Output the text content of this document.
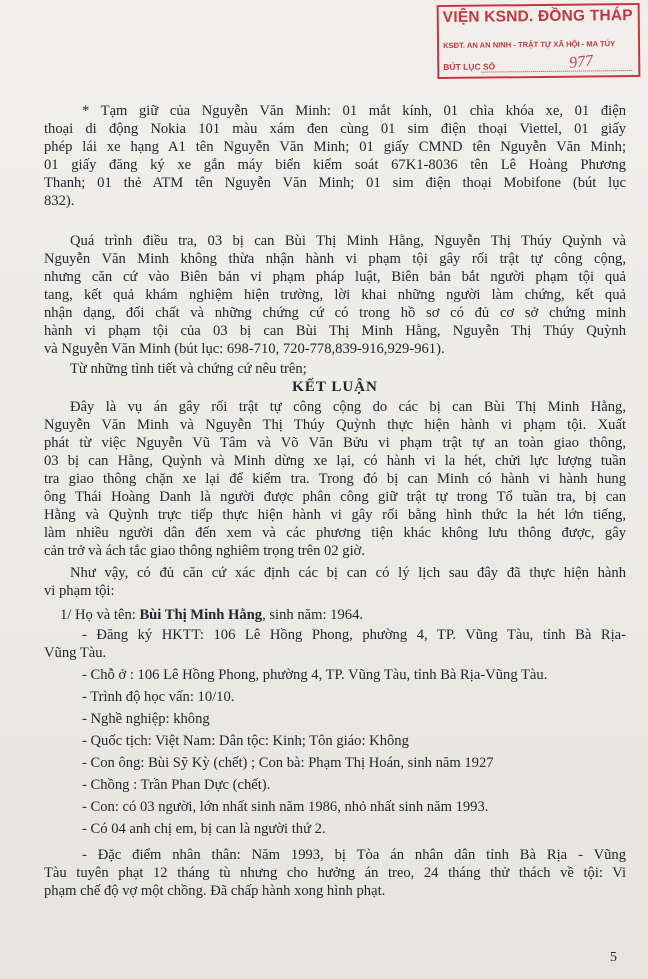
VIỆN KSND. ĐỒNG THÁP
KSĐT. AN AN NINH - TRẬT TỰ XÃ HỘI - MA TÚY
BÚT LỤC SỐ	977
* Tạm giữ của Nguyễn Văn Minh: 01 mắt kính, 01 chìa khóa xe, 01 điện
thoại di động Nokia 101 màu xám đen cùng 01 sim điện thoại Viettel, 01 giấy
phép lái xe hạng A1 tên Nguyễn Văn Minh; 01 giấy CMND tên Nguyễn Văn Minh;
01 giấy đăng ký xe gắn máy biển kiểm soát 67K1-8036 tên Lê Hoàng Phương
Thanh; 01 thẻ ATM tên Nguyễn Văn Minh; 01 sim điện thoại Mobifone (bút lục
832).
Quá trình điều tra, 03 bị can Bùi Thị Minh Hằng, Nguyễn Thị Thúy Quỳnh và
Nguyễn Văn Minh không thừa nhận hành vi phạm tội gây rối trật tự công cộng,
nhưng căn cứ vào Biên bản vi phạm pháp luật, Biên bản bắt người phạm tội quả
tang, kết quả khám nghiệm hiện trường, lời khai những người làm chứng, kết quả
nhận dạng, đối chất và những chứng cứ có trong hồ sơ có đủ cơ sở chứng minh
hành vi phạm tội của 03 bị can Bùi Thị Minh Hằng, Nguyễn Thị Thúy Quỳnh
và Nguyễn Văn Minh (bút lục: 698-710, 720-778,839-916,929-961).
Từ những tình tiết và chứng cứ nêu trên;
KẾT LUẬN
Đây là vụ án gây rối trật tự công cộng do các bị can Bùi Thị Minh Hằng,
Nguyễn Văn Minh và Nguyễn Thị Thúy Quỳnh thực hiện hành vi phạm tội. Xuất
phát từ việc Nguyễn Vũ Tâm và Võ Văn Bửu vi phạm trật tự an toàn giao thông,
03 bị can Hằng, Quỳnh và Minh dừng xe lại, có hành vi la hét, chửi lực lượng tuần
tra giao thông chặn xe lại để kiểm tra. Trong đó bị can Minh có hành vi hành hung
ông Thái Hoàng Danh là người được phân công giữ trật tự trong Tổ tuần tra, bị can
Hằng và Quỳnh trực tiếp thực hiện hành vi gây rối bằng hình thức la hét lớn tiếng,
làm nhiều người dân đến xem và các phương tiện khác không lưu thông được, gây
cản trở và ách tắc giao thông nghiêm trọng trên 02 giờ.
Như vậy, có đủ căn cứ xác định các bị can có lý lịch sau đây đã thực hiện hành
vi phạm tội:
1/ Họ và tên: Bùi Thị Minh Hằng, sinh năm: 1964.
- Đăng ký HKTT: 106 Lê Hồng Phong, phường 4, TP. Vũng Tàu, tỉnh Bà Rịa-
Vũng Tàu.
- Chỗ ở : 106 Lê Hồng Phong, phường 4, TP. Vũng Tàu, tỉnh Bà Rịa-Vũng Tàu.
- Trình độ học vấn: 10/10.
- Nghề nghiệp: không
- Quốc tịch: Việt Nam: Dân tộc: Kinh; Tôn giáo: Không
- Con ông: Bùi Sỹ Kỳ (chết) ; Con bà: Phạm Thị Hoán, sinh năm 1927
- Chồng : Trần Phan Dực (chết).
- Con: có 03 người, lớn nhất sinh năm 1986, nhỏ nhất sinh năm 1993.
- Có 04 anh chị em, bị can là người thứ 2.
- Đặc điểm nhân thân: Năm 1993, bị Tòa án nhân dân tỉnh Bà Rịa - Vũng
Tàu tuyên phạt 12 tháng tù nhưng cho hưởng án treo, 24 tháng thử thách về tội: Vi
phạm chế độ vợ một chồng. Đã chấp hành xong hình phạt.
5
